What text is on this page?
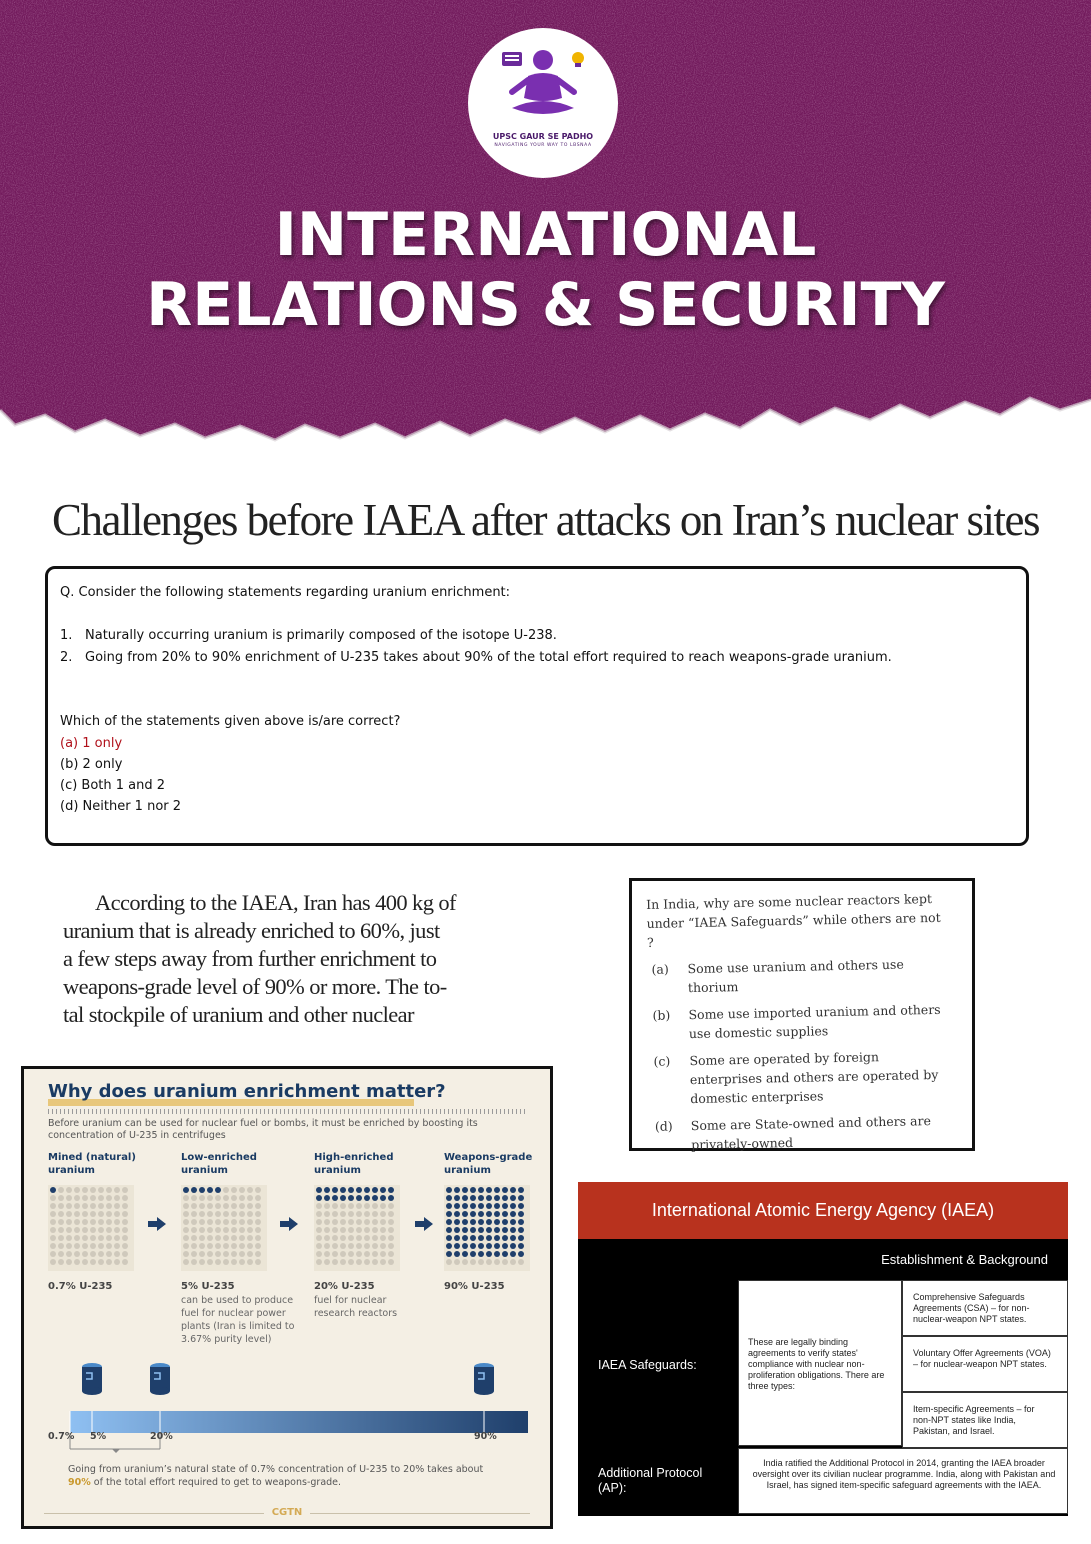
UPSC GAUR SE PADHO
NAVIGATING YOUR WAY TO LBSNAA
INTERNATIONAL
RELATIONS & SECURITY
Challenges before IAEA after attacks on Iran’s nuclear sites
Q. Consider the following statements regarding uranium enrichment:
1. Naturally occurring uranium is primarily composed of the isotope U-238.
2. Going from 20% to 90% enrichment of U-235 takes about 90% of the total effort required to reach weapons-grade uranium.
Which of the statements given above is/are correct?
(a) 1 only
(b) 2 only
(c) Both 1 and 2
(d) Neither 1 nor 2
According to the IAEA, Iran has 400 kg of
uranium that is already enriched to 60%, just
a few steps away from further enrichment to
weapons-grade level of 90% or more. The to-
tal stockpile of uranium and other nuclear
In India, why are some nuclear reactors kept under “IAEA Safeguards” while others are not ?
(a) Some use uranium and others use thorium
(b) Some use imported uranium and others use domestic supplies
(c) Some are operated by foreign enterprises and others are operated by domestic enterprises
(d) Some are State-owned and others are privately-owned
Why does uranium enrichment matter?
Before uranium can be used for nuclear fuel or bombs, it must be enriched by boosting its concentration of U-235 in centrifuges
Mined (natural) uranium
0.7% U-235
Low-enriched uranium
5% U-235
can be used to produce fuel for nuclear power plants (Iran is limited to 3.67% purity level)
High-enriched uranium
20% U-235
fuel for nuclear research reactors
Weapons-grade uranium
90% U-235
0.7% 5%	20%	90%
Going from uranium’s natural state of 0.7% concentration of U-235 to 20% takes about
90% of the total effort required to get to weapons-grade.
CGTN
International Atomic Energy Agency (IAEA)
Establishment & Background
IAEA Safeguards:
These are legally binding agreements to verify states' compliance with nuclear non-proliferation obligations. There are three types:
Comprehensive Safeguards Agreements (CSA) – for non-nuclear-weapon NPT states.
Voluntary Offer Agreements (VOA) – for nuclear-weapon NPT states.
Item-specific Agreements – for non-NPT states like India, Pakistan, and Israel.
Additional Protocol (AP):
India ratified the Additional Protocol in 2014, granting the IAEA broader oversight over its civilian nuclear programme. India, along with Pakistan and Israel, has signed item-specific safeguard agreements with the IAEA.
